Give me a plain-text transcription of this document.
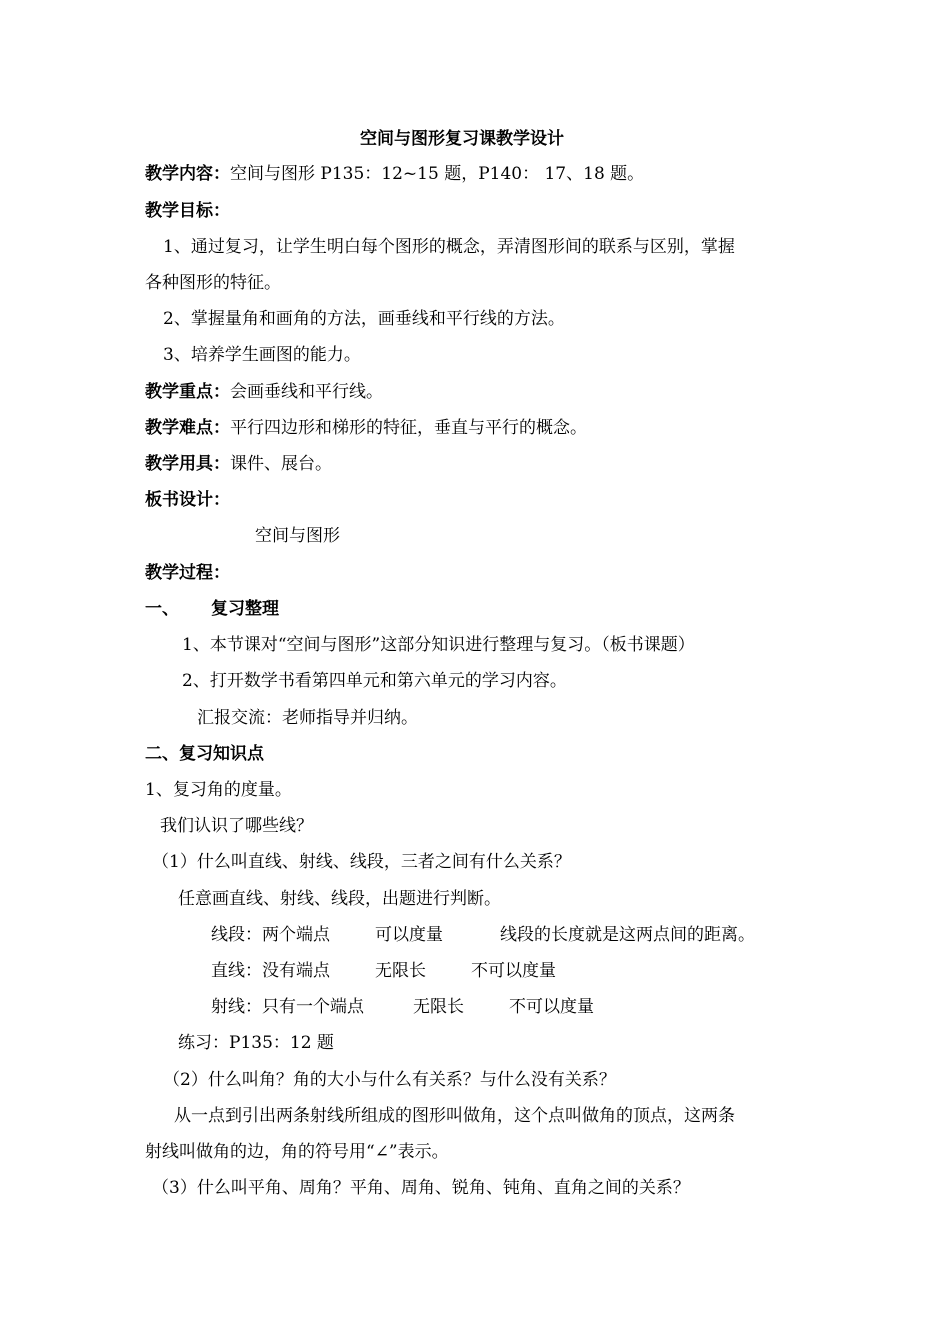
空间与图形复习课教学设计
教学内容：空间与图形 P135：12~15 题，P140： 17、18 题。
教学目标：
1、通过复习，让学生明白每个图形的概念，弄清图形间的联系与区别，掌握
各种图形的特征。
2、掌握量角和画角的方法，画垂线和平行线的方法。
3、培养学生画图的能力。
教学重点：会画垂线和平行线。
教学难点：平行四边形和梯形的特征，垂直与平行的概念。
教学用具：课件、展台。
板书设计：
空间与图形
教学过程：
一、 复习整理
1、本节课对“空间与图形”这部分知识进行整理与复习。（板书课题）
2、打开数学书看第四单元和第六单元的学习内容。
汇报交流：老师指导并归纳。
二、复习知识点
1、复习角的度量。
我们认识了哪些线？
（1）什么叫直线、射线、线段，三者之间有什么关系？
任意画直线、射线、线段，出题进行判断。
线段：两个端点	可以度量	线段的长度就是这两点间的距离。
直线：没有端点	无限长	不可以度量
射线：只有一个端点	无限长	不可以度量
练习：P135：12 题
（2）什么叫角？角的大小与什么有关系？与什么没有关系？
从一点到引出两条射线所组成的图形叫做角，这个点叫做角的顶点，这两条
射线叫做角的边，角的符号用“∠”表示。
（3）什么叫平角、周角？平角、周角、锐角、钝角、直角之间的关系？
